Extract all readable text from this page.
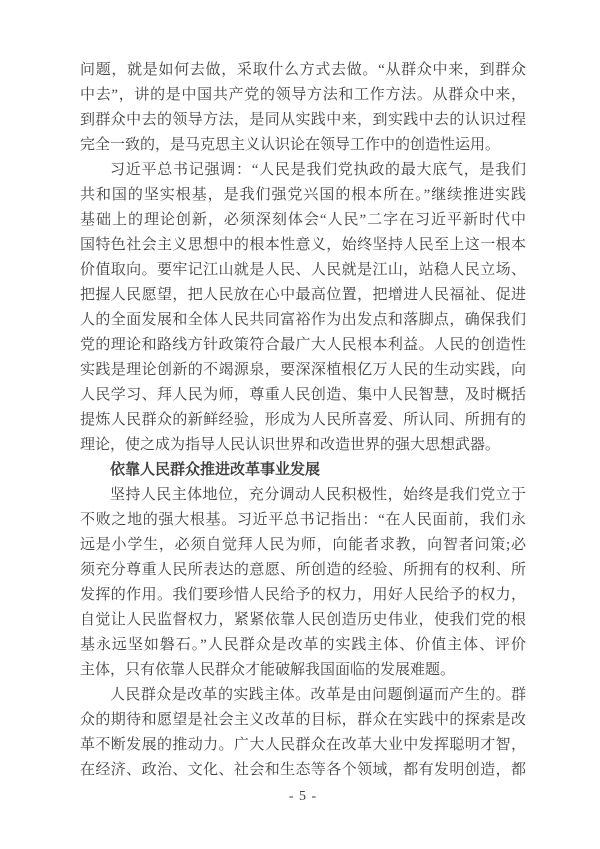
问题，就是如何去做，采取什么方式去做。“从群众中来，到群众
中去”，讲的是中国共产党的领导方法和工作方法。从群众中来，
到群众中去的领导方法，是同从实践中来，到实践中去的认识过程
完全一致的，是马克思主义认识论在领导工作中的创造性运用。
习近平总书记强调：“人民是我们党执政的最大底气，是我们
共和国的坚实根基，是我们强党兴国的根本所在。”继续推进实践
基础上的理论创新，必须深刻体会“人民”二字在习近平新时代中
国特色社会主义思想中的根本性意义，始终坚持人民至上这一根本
价值取向。要牢记江山就是人民、人民就是江山，站稳人民立场、
把握人民愿望，把人民放在心中最高位置，把增进人民福祉、促进
人的全面发展和全体人民共同富裕作为出发点和落脚点，确保我们
党的理论和路线方针政策符合最广大人民根本利益。人民的创造性
实践是理论创新的不竭源泉，要深深植根亿万人民的生动实践，向
人民学习、拜人民为师，尊重人民创造、集中人民智慧，及时概括
提炼人民群众的新鲜经验，形成为人民所喜爱、所认同、所拥有的
理论，使之成为指导人民认识世界和改造世界的强大思想武器。
依靠人民群众推进改革事业发展
坚持人民主体地位，充分调动人民积极性，始终是我们党立于
不败之地的强大根基。习近平总书记指出：“在人民面前，我们永
远是小学生，必须自觉拜人民为师，向能者求教，向智者问策;必
须充分尊重人民所表达的意愿、所创造的经验、所拥有的权利、所
发挥的作用。我们要珍惜人民给予的权力，用好人民给予的权力，
自觉让人民监督权力，紧紧依靠人民创造历史伟业，使我们党的根
基永远坚如磐石。”人民群众是改革的实践主体、价值主体、评价
主体，只有依靠人民群众才能破解我国面临的发展难题。
人民群众是改革的实践主体。改革是由问题倒逼而产生的。群
众的期待和愿望是社会主义改革的目标，群众在实践中的探索是改
革不断发展的推动力。广大人民群众在改革大业中发挥聪明才智，
在经济、政治、文化、社会和生态等各个领域，都有发明创造，都
- 5 -
